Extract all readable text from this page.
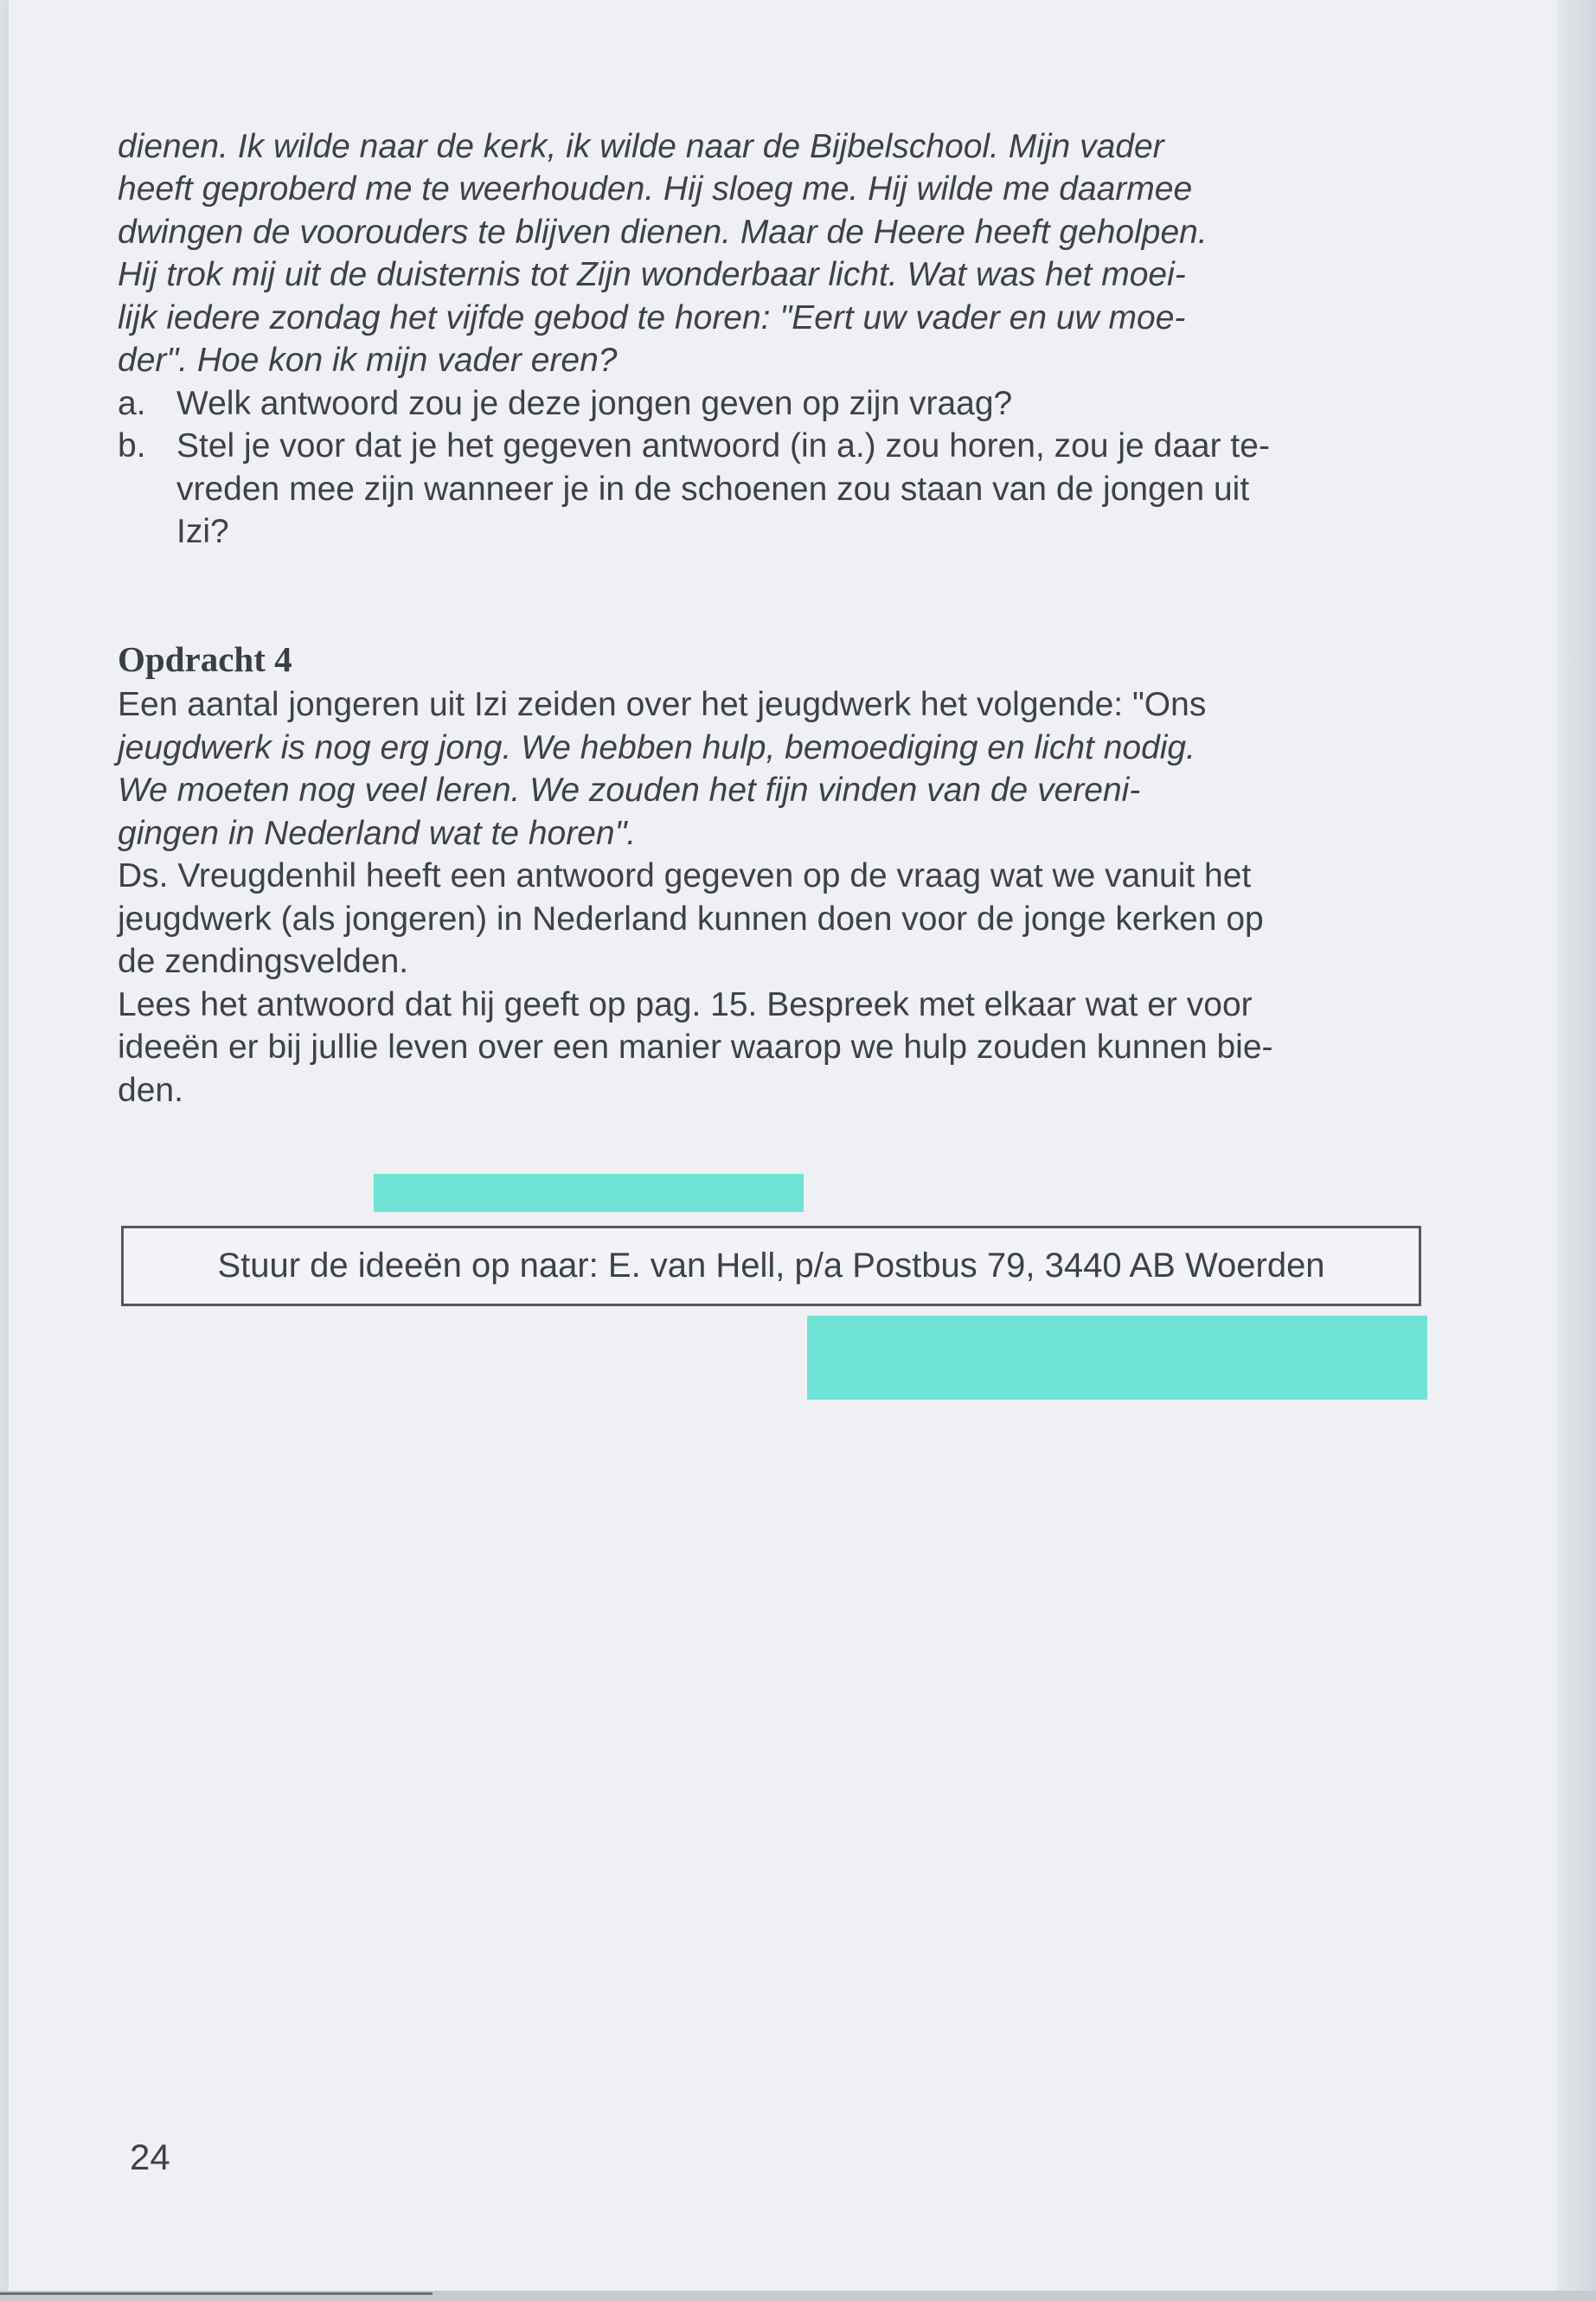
dienen. Ik wilde naar de kerk, ik wilde naar de Bijbelschool. Mijn vader
heeft geproberd me te weerhouden. Hij sloeg me. Hij wilde me daarmee
dwingen de voorouders te blijven dienen. Maar de Heere heeft geholpen.
Hij trok mij uit de duisternis tot Zijn wonderbaar licht. Wat was het moei-
lijk iedere zondag het vijfde gebod te horen: "Eert uw vader en uw moe-
der". Hoe kon ik mijn vader eren?
a. Welk antwoord zou je deze jongen geven op zijn vraag?
b. Stel je voor dat je het gegeven antwoord (in a.) zou horen, zou je daar te-
vreden mee zijn wanneer je in de schoenen zou staan van de jongen uit
Izi?
Opdracht 4
Een aantal jongeren uit Izi zeiden over het jeugdwerk het volgende: "Ons
jeugdwerk is nog erg jong. We hebben hulp, bemoediging en licht nodig.
We moeten nog veel leren. We zouden het fijn vinden van de vereni-
gingen in Nederland wat te horen".
Ds. Vreugdenhil heeft een antwoord gegeven op de vraag wat we vanuit het
jeugdwerk (als jongeren) in Nederland kunnen doen voor de jonge kerken op
de zendingsvelden.
Lees het antwoord dat hij geeft op pag. 15. Bespreek met elkaar wat er voor
ideeën er bij jullie leven over een manier waarop we hulp zouden kunnen bie-
den.
Stuur de ideeën op naar: E. van Hell, p/a Postbus 79, 3440 AB Woerden
24
